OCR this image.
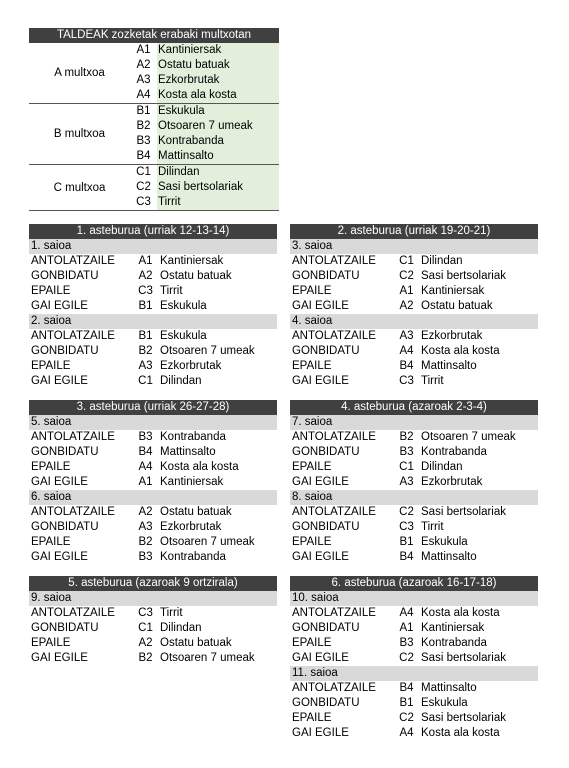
TALDEAK zozketak erabaki multxotan
A multxoa
A1 Kantiniersak
A2 Ostatu batuak
A3 Ezkorbrutak
A4 Kosta ala kosta
B multxoa
B1 Eskukula
B2 Otsoaren 7 umeak
B3 Kontrabanda
B4 Mattinsalto
C multxoa
C1 Dilindan
C2 Sasi bertsolariak
C3 Tirrit
1. asteburua (urriak 12-13-14)
1. saioa
ANTOLATZAILE	A1 Kantiniersak
GONBIDATU	A2 Ostatu batuak
EPAILE	C3 Tirrit
GAI EGILE	B1 Eskukula
2. saioa
ANTOLATZAILE	B1 Eskukula
GONBIDATU	B2 Otsoaren 7 umeak
EPAILE	A3 Ezkorbrutak
GAI EGILE	C1 Dilindan
2. asteburua (urriak 19-20-21)
3. saioa
ANTOLATZAILE	C1 Dilindan
GONBIDATU	C2 Sasi bertsolariak
EPAILE	A1 Kantiniersak
GAI EGILE	A2 Ostatu batuak
4. saioa
ANTOLATZAILE	A3 Ezkorbrutak
GONBIDATU	A4 Kosta ala kosta
EPAILE	B4 Mattinsalto
GAI EGILE	C3 Tirrit
3. asteburua (urriak 26-27-28)
5. saioa
ANTOLATZAILE	B3 Kontrabanda
GONBIDATU	B4 Mattinsalto
EPAILE	A4 Kosta ala kosta
GAI EGILE	A1 Kantiniersak
6. saioa
ANTOLATZAILE	A2 Ostatu batuak
GONBIDATU	A3 Ezkorbrutak
EPAILE	B2 Otsoaren 7 umeak
GAI EGILE	B3 Kontrabanda
4. asteburua (azaroak 2-3-4)
7. saioa
ANTOLATZAILE	B2 Otsoaren 7 umeak
GONBIDATU	B3 Kontrabanda
EPAILE	C1 Dilindan
GAI EGILE	A3 Ezkorbrutak
8. saioa
ANTOLATZAILE	C2 Sasi bertsolariak
GONBIDATU	C3 Tirrit
EPAILE	B1 Eskukula
GAI EGILE	B4 Mattinsalto
5. asteburua (azaroak 9 ortzirala)
9. saioa
ANTOLATZAILE	C3 Tirrit
GONBIDATU	C1 Dilindan
EPAILE	A2 Ostatu batuak
GAI EGILE	B2 Otsoaren 7 umeak
6. asteburua (azaroak 16-17-18)
10. saioa
ANTOLATZAILE	A4 Kosta ala kosta
GONBIDATU	A1 Kantiniersak
EPAILE	B3 Kontrabanda
GAI EGILE	C2 Sasi bertsolariak
11. saioa
ANTOLATZAILE	B4 Mattinsalto
GONBIDATU	B1 Eskukula
EPAILE	C2 Sasi bertsolariak
GAI EGILE	A4 Kosta ala kosta
